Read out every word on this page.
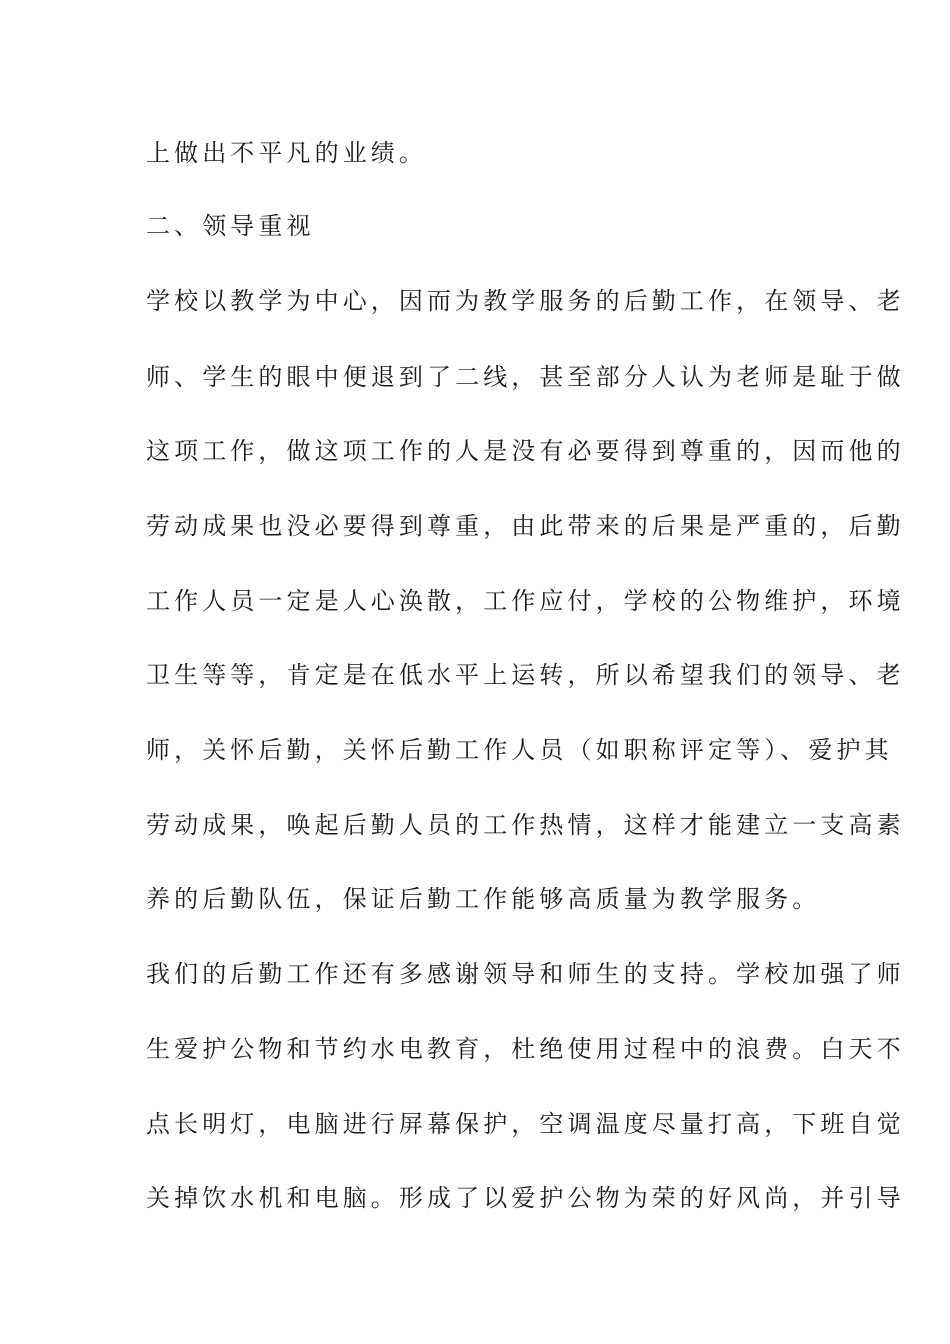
上做出不平凡的业绩。
二、领导重视
学校以教学为中心，因而为教学服务的后勤工作，在领导、老
师、学生的眼中便退到了二线，甚至部分人认为老师是耻于做
这项工作，做这项工作的人是没有必要得到尊重的，因而他的
劳动成果也没必要得到尊重，由此带来的后果是严重的，后勤
工作人员一定是人心涣散，工作应付，学校的公物维护，环境
卫生等等，肯定是在低水平上运转，所以希望我们的领导、老
师，关怀后勤，关怀后勤工作人员（如职称评定等）、爱护其
劳动成果，唤起后勤人员的工作热情，这样才能建立一支高素
养的后勤队伍，保证后勤工作能够高质量为教学服务。
我们的后勤工作还有多感谢领导和师生的支持。学校加强了师
生爱护公物和节约水电教育，杜绝使用过程中的浪费。白天不
点长明灯，电脑进行屏幕保护，空调温度尽量打高，下班自觉
关掉饮水机和电脑。形成了以爱护公物为荣的好风尚，并引导
